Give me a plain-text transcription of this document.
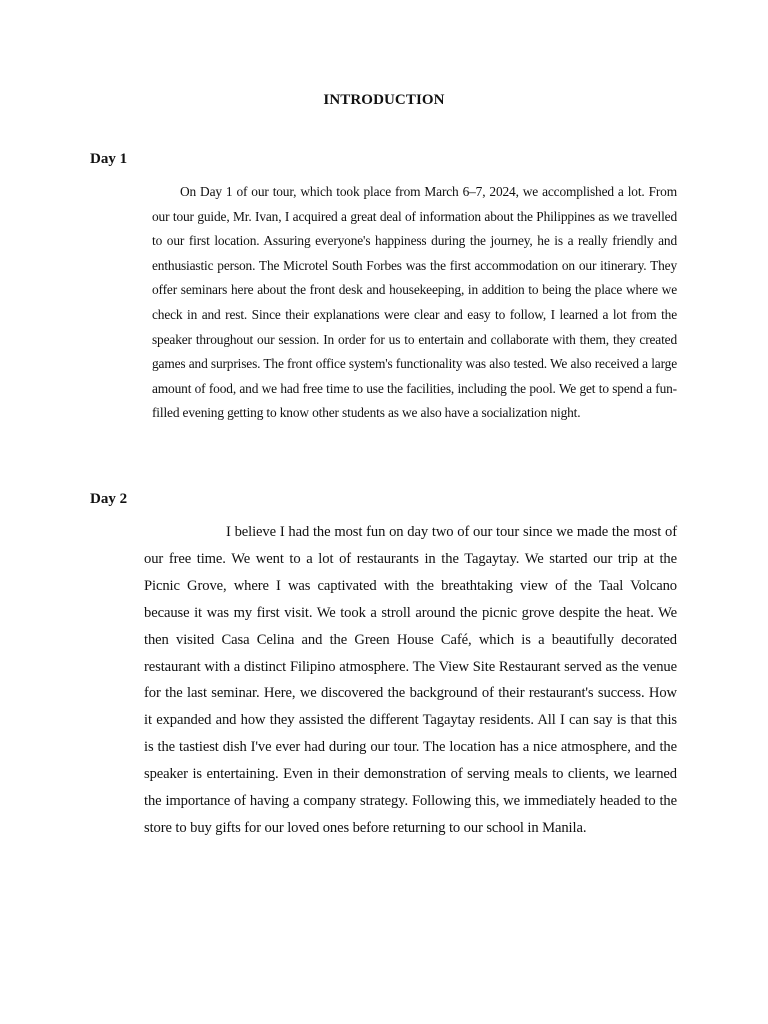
INTRODUCTION
Day 1

On Day 1 of our tour, which took place from March 6–7, 2024, we accomplished a lot. From our tour guide, Mr. Ivan, I acquired a great deal of information about the Philippines as we travelled to our first location. Assuring everyone's happiness during the journey, he is a really friendly and enthusiastic person. The Microtel South Forbes was the first accommodation on our itinerary. They offer seminars here about the front desk and housekeeping, in addition to being the place where we check in and rest. Since their explanations were clear and easy to follow, I learned a lot from the speaker throughout our session. In order for us to entertain and collaborate with them, they created games and surprises. The front office system's functionality was also tested. We also received a large amount of food, and we had free time to use the facilities, including the pool. We get to spend a fun-filled evening getting to know other students as we also have a socialization night.

Day 2

I believe I had the most fun on day two of our tour since we made the most of our free time. We went to a lot of restaurants in the Tagaytay. We started our trip at the Picnic Grove, where I was captivated with the breathtaking view of the Taal Volcano because it was my first visit. We took a stroll around the picnic grove despite the heat. We then visited Casa Celina and the Green House Café, which is a beautifully decorated restaurant with a distinct Filipino atmosphere. The View Site Restaurant served as the venue for the last seminar. Here, we discovered the background of their restaurant's success. How it expanded and how they assisted the different Tagaytay residents. All I can say is that this is the tastiest dish I've ever had during our tour. The location has a nice atmosphere, and the speaker is entertaining. Even in their demonstration of serving meals to clients, we learned the importance of having a company strategy. Following this, we immediately headed to the store to buy gifts for our loved ones before returning to our school in Manila.
